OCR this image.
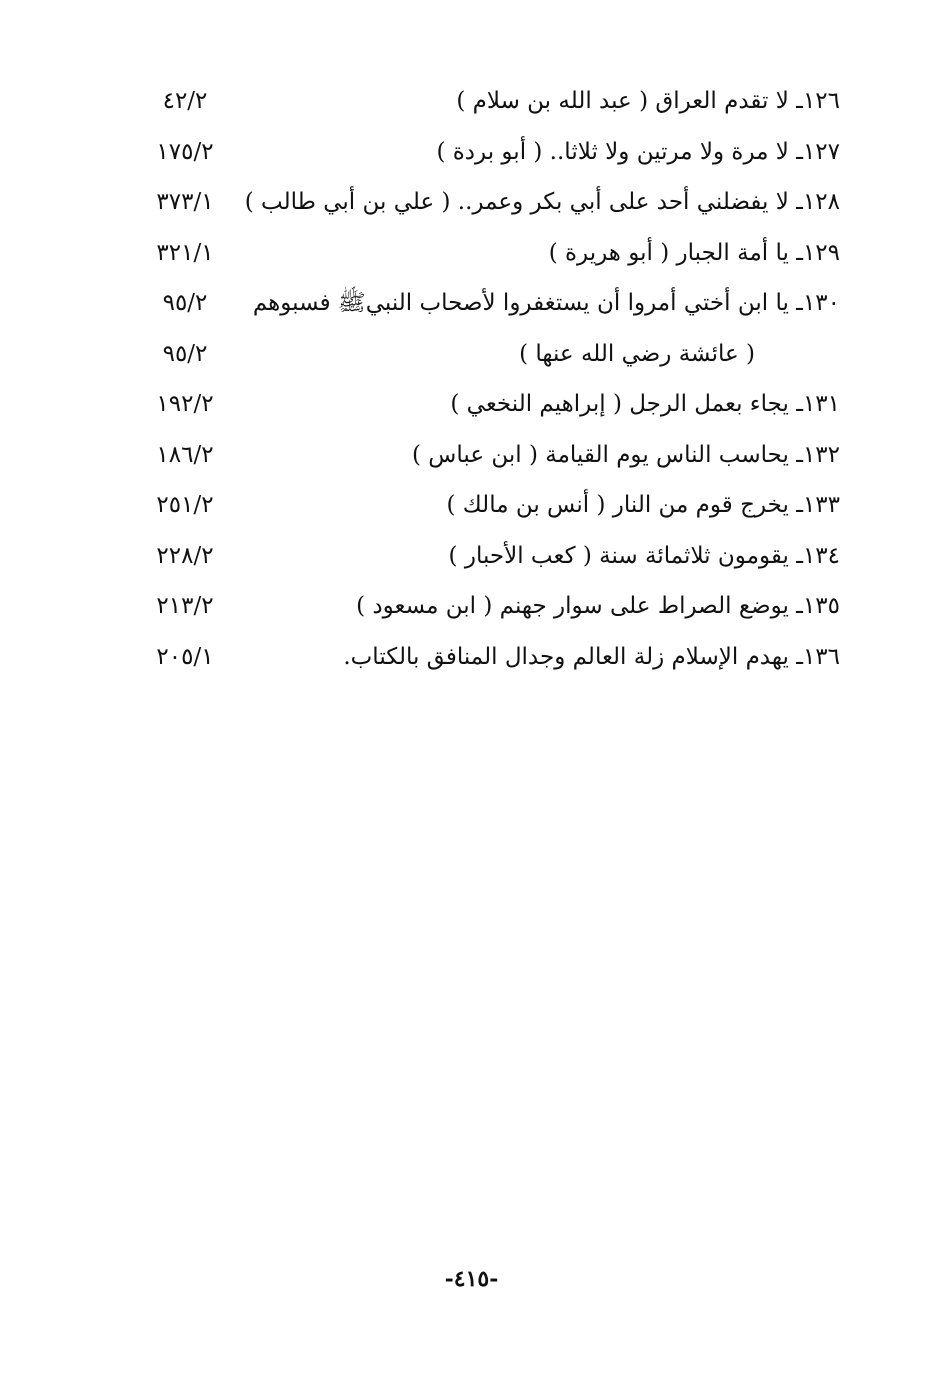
١٢٦ـ لا تقدم العراق ( عبد الله بن سلام )
٤٢/٢
١٢٧ـ لا مرة ولا مرتين ولا ثلاثا.. ( أبو بردة )
١٧٥/٢
١٢٨ـ لا يفضلني أحد على أبي بكر وعمر.. ( علي بن أبي طالب )
٣٧٣/١
١٢٩ـ يا أمة الجبار ( أبو هريرة )
٣٢١/١
١٣٠ـ يا ابن أختي أمروا أن يستغفروا لأصحاب النبيﷺ فسبوهم
٩٥/٢
( عائشة رضي الله عنها )
٩٥/٢
١٣١ـ يجاء بعمل الرجل ( إبراهيم النخعي )
١٩٢/٢
١٣٢ـ يحاسب الناس يوم القيامة ( ابن عباس )
١٨٦/٢
١٣٣ـ يخرج قوم من النار ( أنس بن مالك )
٢٥١/٢
١٣٤ـ يقومون ثلاثمائة سنة ( كعب الأحبار )
٢٢٨/٢
١٣٥ـ يوضع الصراط على سوار جهنم ( ابن مسعود )
٢١٣/٢
١٣٦ـ يهدم الإسلام زلة العالم وجدال المنافق بالكتاب.
٢٠٥/١
-٤١٥-
